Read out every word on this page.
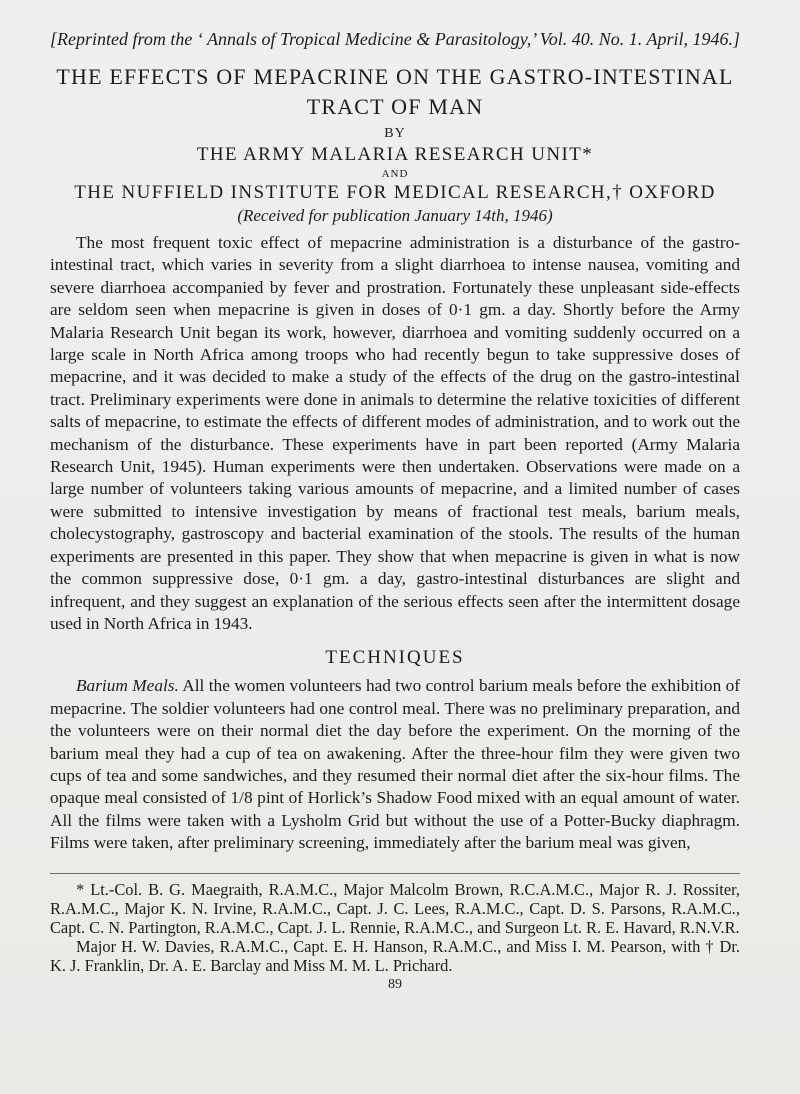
[Reprinted from the ‘ Annals of Tropical Medicine & Parasitology,’ Vol. 40. No. 1. April, 1946.]

THE EFFECTS OF MEPACRINE ON THE GASTRO-INTESTINAL TRACT OF MAN
BY
THE ARMY MALARIA RESEARCH UNIT*
AND
THE NUFFIELD INSTITUTE FOR MEDICAL RESEARCH,† OXFORD
(Received for publication January 14th, 1946)

The most frequent toxic effect of mepacrine administration is a disturbance of the gastro-intestinal tract, which varies in severity from a slight diarrhoea to intense nausea, vomiting and severe diarrhoea accompanied by fever and prostration. Fortunately these unpleasant side-effects are seldom seen when mepacrine is given in doses of 0·1 gm. a day. Shortly before the Army Malaria Research Unit began its work, however, diarrhoea and vomiting suddenly occurred on a large scale in North Africa among troops who had recently begun to take suppressive doses of mepacrine, and it was decided to make a study of the effects of the drug on the gastro-intestinal tract. Preliminary experiments were done in animals to determine the relative toxicities of different salts of mepacrine, to estimate the effects of different modes of administration, and to work out the mechanism of the disturbance. These experiments have in part been reported (Army Malaria Research Unit, 1945). Human experiments were then undertaken. Observations were made on a large number of volunteers taking various amounts of mepacrine, and a limited number of cases were submitted to intensive investigation by means of fractional test meals, barium meals, cholecystography, gastroscopy and bacterial examination of the stools. The results of the human experiments are presented in this paper. They show that when mepacrine is given in what is now the common suppressive dose, 0·1 gm. a day, gastro-intestinal disturbances are slight and infrequent, and they suggest an explanation of the serious effects seen after the intermittent dosage used in North Africa in 1943.

TECHNIQUES

Barium Meals. All the women volunteers had two control barium meals before the exhibition of mepacrine. The soldier volunteers had one control meal. There was no preliminary preparation, and the volunteers were on their normal diet the day before the experiment. On the morning of the barium meal they had a cup of tea on awakening. After the three-hour film they were given two cups of tea and some sandwiches, and they resumed their normal diet after the six-hour films. The opaque meal consisted of 1/8 pint of Horlick’s Shadow Food mixed with an equal amount of water. All the films were taken with a Lysholm Grid but without the use of a Potter-Bucky diaphragm. Films were taken, after preliminary screening, immediately after the barium meal was given,

* Lt.-Col. B. G. Maegraith, R.A.M.C., Major Malcolm Brown, R.C.A.M.C., Major R. J. Rossiter, R.A.M.C., Major K. N. Irvine, R.A.M.C., Capt. J. C. Lees, R.A.M.C., Capt. D. S. Parsons, R.A.M.C., Capt. C. N. Partington, R.A.M.C., Capt. J. L. Rennie, R.A.M.C., and Surgeon Lt. R. E. Havard, R.N.V.R.

Major H. W. Davies, R.A.M.C., Capt. E. H. Hanson, R.A.M.C., and Miss I. M. Pearson, with † Dr. K. J. Franklin, Dr. A. E. Barclay and Miss M. M. L. Prichard.

89
